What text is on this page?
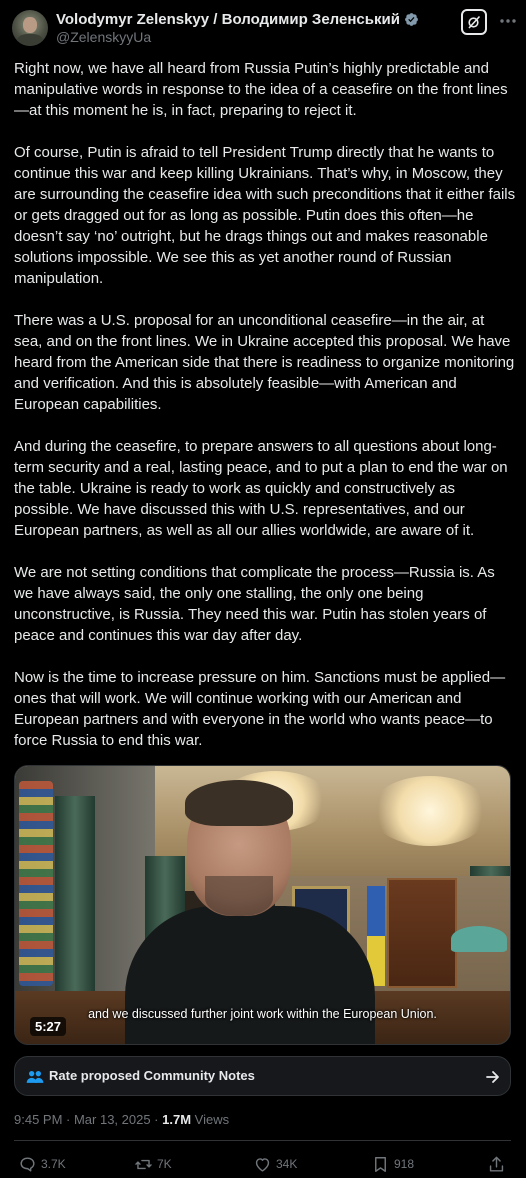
Volodymyr Zelenskyy / Володимир Зеленський
@ZelenskyyUa

Right now, we have all heard from Russia Putin’s highly predictable and manipulative words in response to the idea of a ceasefire on the front lines—at this moment he is, in fact, preparing to reject it.

Of course, Putin is afraid to tell President Trump directly that he wants to continue this war and keep killing Ukrainians. That’s why, in Moscow, they are surrounding the ceasefire idea with such preconditions that it either fails or gets dragged out for as long as possible. Putin does this often—he doesn’t say ‘no’ outright, but he drags things out and makes reasonable solutions impossible. We see this as yet another round of Russian manipulation.

There was a U.S. proposal for an unconditional ceasefire—in the air, at sea, and on the front lines. We in Ukraine accepted this proposal. We have heard from the American side that there is readiness to organize monitoring and verification. And this is absolutely feasible—with American and European capabilities.

And during the ceasefire, to prepare answers to all questions about long-term security and a real, lasting peace, and to put a plan to end the war on the table. Ukraine is ready to work as quickly and constructively as possible. We have discussed this with U.S. representatives, and our European partners, as well as all our allies worldwide, are aware of it.

We are not setting conditions that complicate the process—Russia is. As we have always said, the only one stalling, the only one being unconstructive, is Russia. They need this war. Putin has stolen years of peace and continues this war day after day.

Now is the time to increase pressure on him. Sanctions must be applied—ones that will work. We will continue working with our American and European partners and with everyone in the world who wants peace—to force Russia to end this war.

and we discussed further joint work within the European Union.
5:27
Rate proposed Community Notes
9:45 PM · Mar 13, 2025 · 1.7M Views
3.7K	7K	34K	918
